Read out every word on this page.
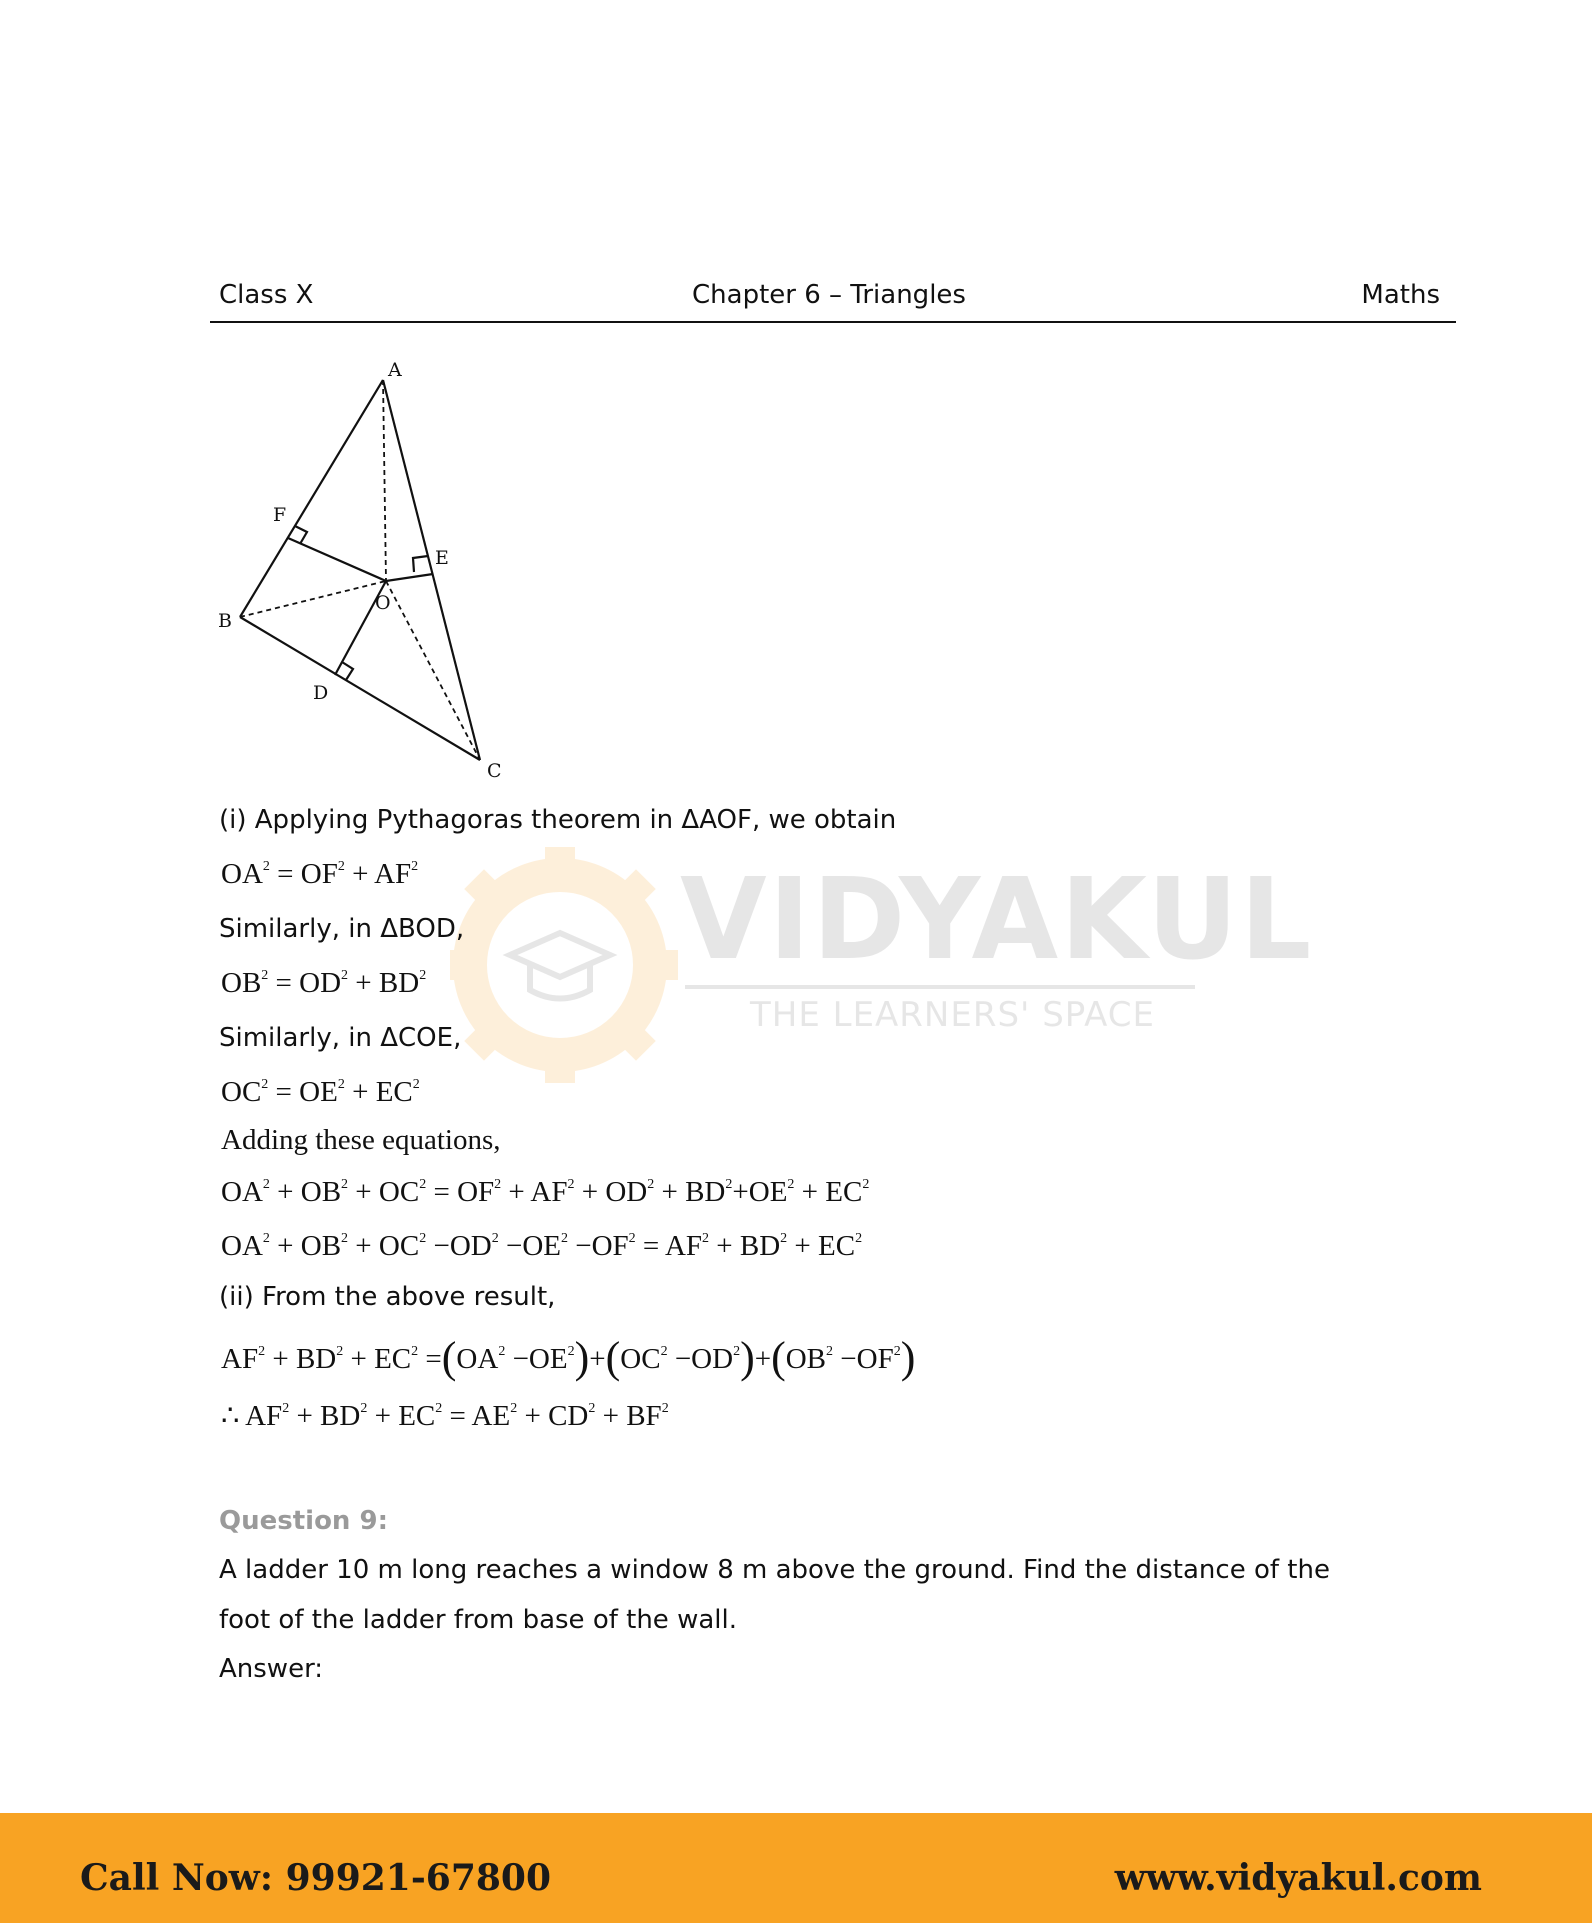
VIDYAKUL
THE LEARNERS' SPACE
Class X	Chapter 6 – Triangles	Maths
A
B
C
D
E
F
O
(i) Applying Pythagoras theorem in ΔAOF, we obtain
$OA^2 = OF^2 + AF^2$
Similarly, in ΔBOD,
$OB^2 = OD^2 + BD^2$
Similarly, in ΔCOE,
$OC^2 = OE^2 + EC^2$
Adding these equations,
$OA^2 + OB^2 + OC^2 = OF^2 + AF^2 + OD^2 + BD^2+OE^2 + EC^2$
$OA^2 + OB^2 + OC^2 -OD^2 -OE^2 -OF^2 = AF^2 + BD^2 + EC^2$
(ii) From the above result,
$AF^2 + BD^2 + EC^2 =(OA^2 -OE^2)+(OC^2 -OD^2)+(OB^2 -OF^2)$
∴ $AF^2 + BD^2 + EC^2 = AE^2 + CD^2 + BF^2$
Question 9:
A ladder 10 m long reaches a window 8 m above the ground. Find the distance of the
foot of the ladder from base of the wall.
Answer:
Call Now: 99921-67800	www.vidyakul.com
